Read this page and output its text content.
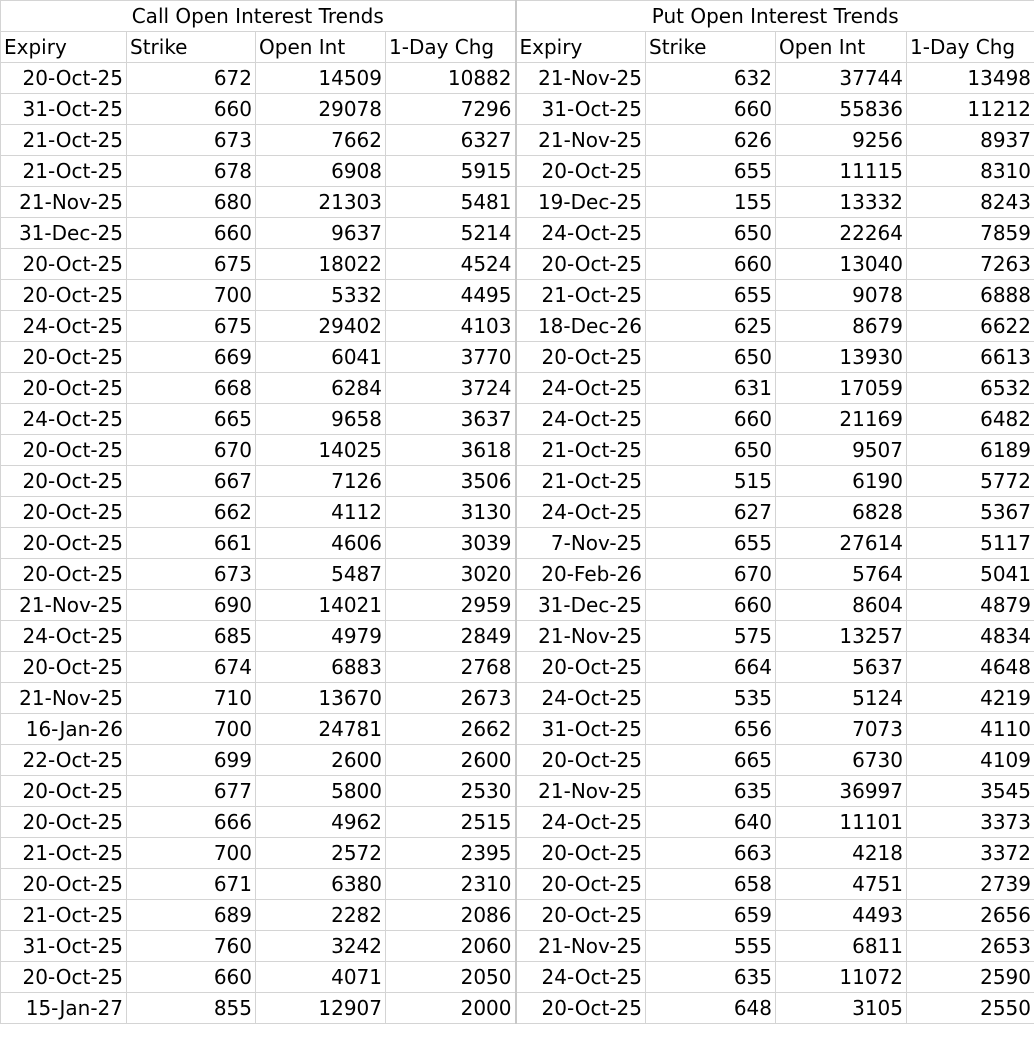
Call Open Interest Trends				Put Open Interest Trends			
Expiry	Strike	Open Int	1-Day Chg	Expiry	Strike	Open Int	1-Day Chg
20-Oct-25	672	14509	10882	21-Nov-25	632	37744	13498
31-Oct-25	660	29078	7296	31-Oct-25	660	55836	11212
21-Oct-25	673	7662	6327	21-Nov-25	626	9256	8937
21-Oct-25	678	6908	5915	20-Oct-25	655	11115	8310
21-Nov-25	680	21303	5481	19-Dec-25	155	13332	8243
31-Dec-25	660	9637	5214	24-Oct-25	650	22264	7859
20-Oct-25	675	18022	4524	20-Oct-25	660	13040	7263
20-Oct-25	700	5332	4495	21-Oct-25	655	9078	6888
24-Oct-25	675	29402	4103	18-Dec-26	625	8679	6622
20-Oct-25	669	6041	3770	20-Oct-25	650	13930	6613
20-Oct-25	668	6284	3724	24-Oct-25	631	17059	6532
24-Oct-25	665	9658	3637	24-Oct-25	660	21169	6482
20-Oct-25	670	14025	3618	21-Oct-25	650	9507	6189
20-Oct-25	667	7126	3506	21-Oct-25	515	6190	5772
20-Oct-25	662	4112	3130	24-Oct-25	627	6828	5367
20-Oct-25	661	4606	3039	7-Nov-25	655	27614	5117
20-Oct-25	673	5487	3020	20-Feb-26	670	5764	5041
21-Nov-25	690	14021	2959	31-Dec-25	660	8604	4879
24-Oct-25	685	4979	2849	21-Nov-25	575	13257	4834
20-Oct-25	674	6883	2768	20-Oct-25	664	5637	4648
21-Nov-25	710	13670	2673	24-Oct-25	535	5124	4219
16-Jan-26	700	24781	2662	31-Oct-25	656	7073	4110
22-Oct-25	699	2600	2600	20-Oct-25	665	6730	4109
20-Oct-25	677	5800	2530	21-Nov-25	635	36997	3545
20-Oct-25	666	4962	2515	24-Oct-25	640	11101	3373
21-Oct-25	700	2572	2395	20-Oct-25	663	4218	3372
20-Oct-25	671	6380	2310	20-Oct-25	658	4751	2739
21-Oct-25	689	2282	2086	20-Oct-25	659	4493	2656
31-Oct-25	760	3242	2060	21-Nov-25	555	6811	2653
20-Oct-25	660	4071	2050	24-Oct-25	635	11072	2590
15-Jan-27	855	12907	2000	20-Oct-25	648	3105	2550
